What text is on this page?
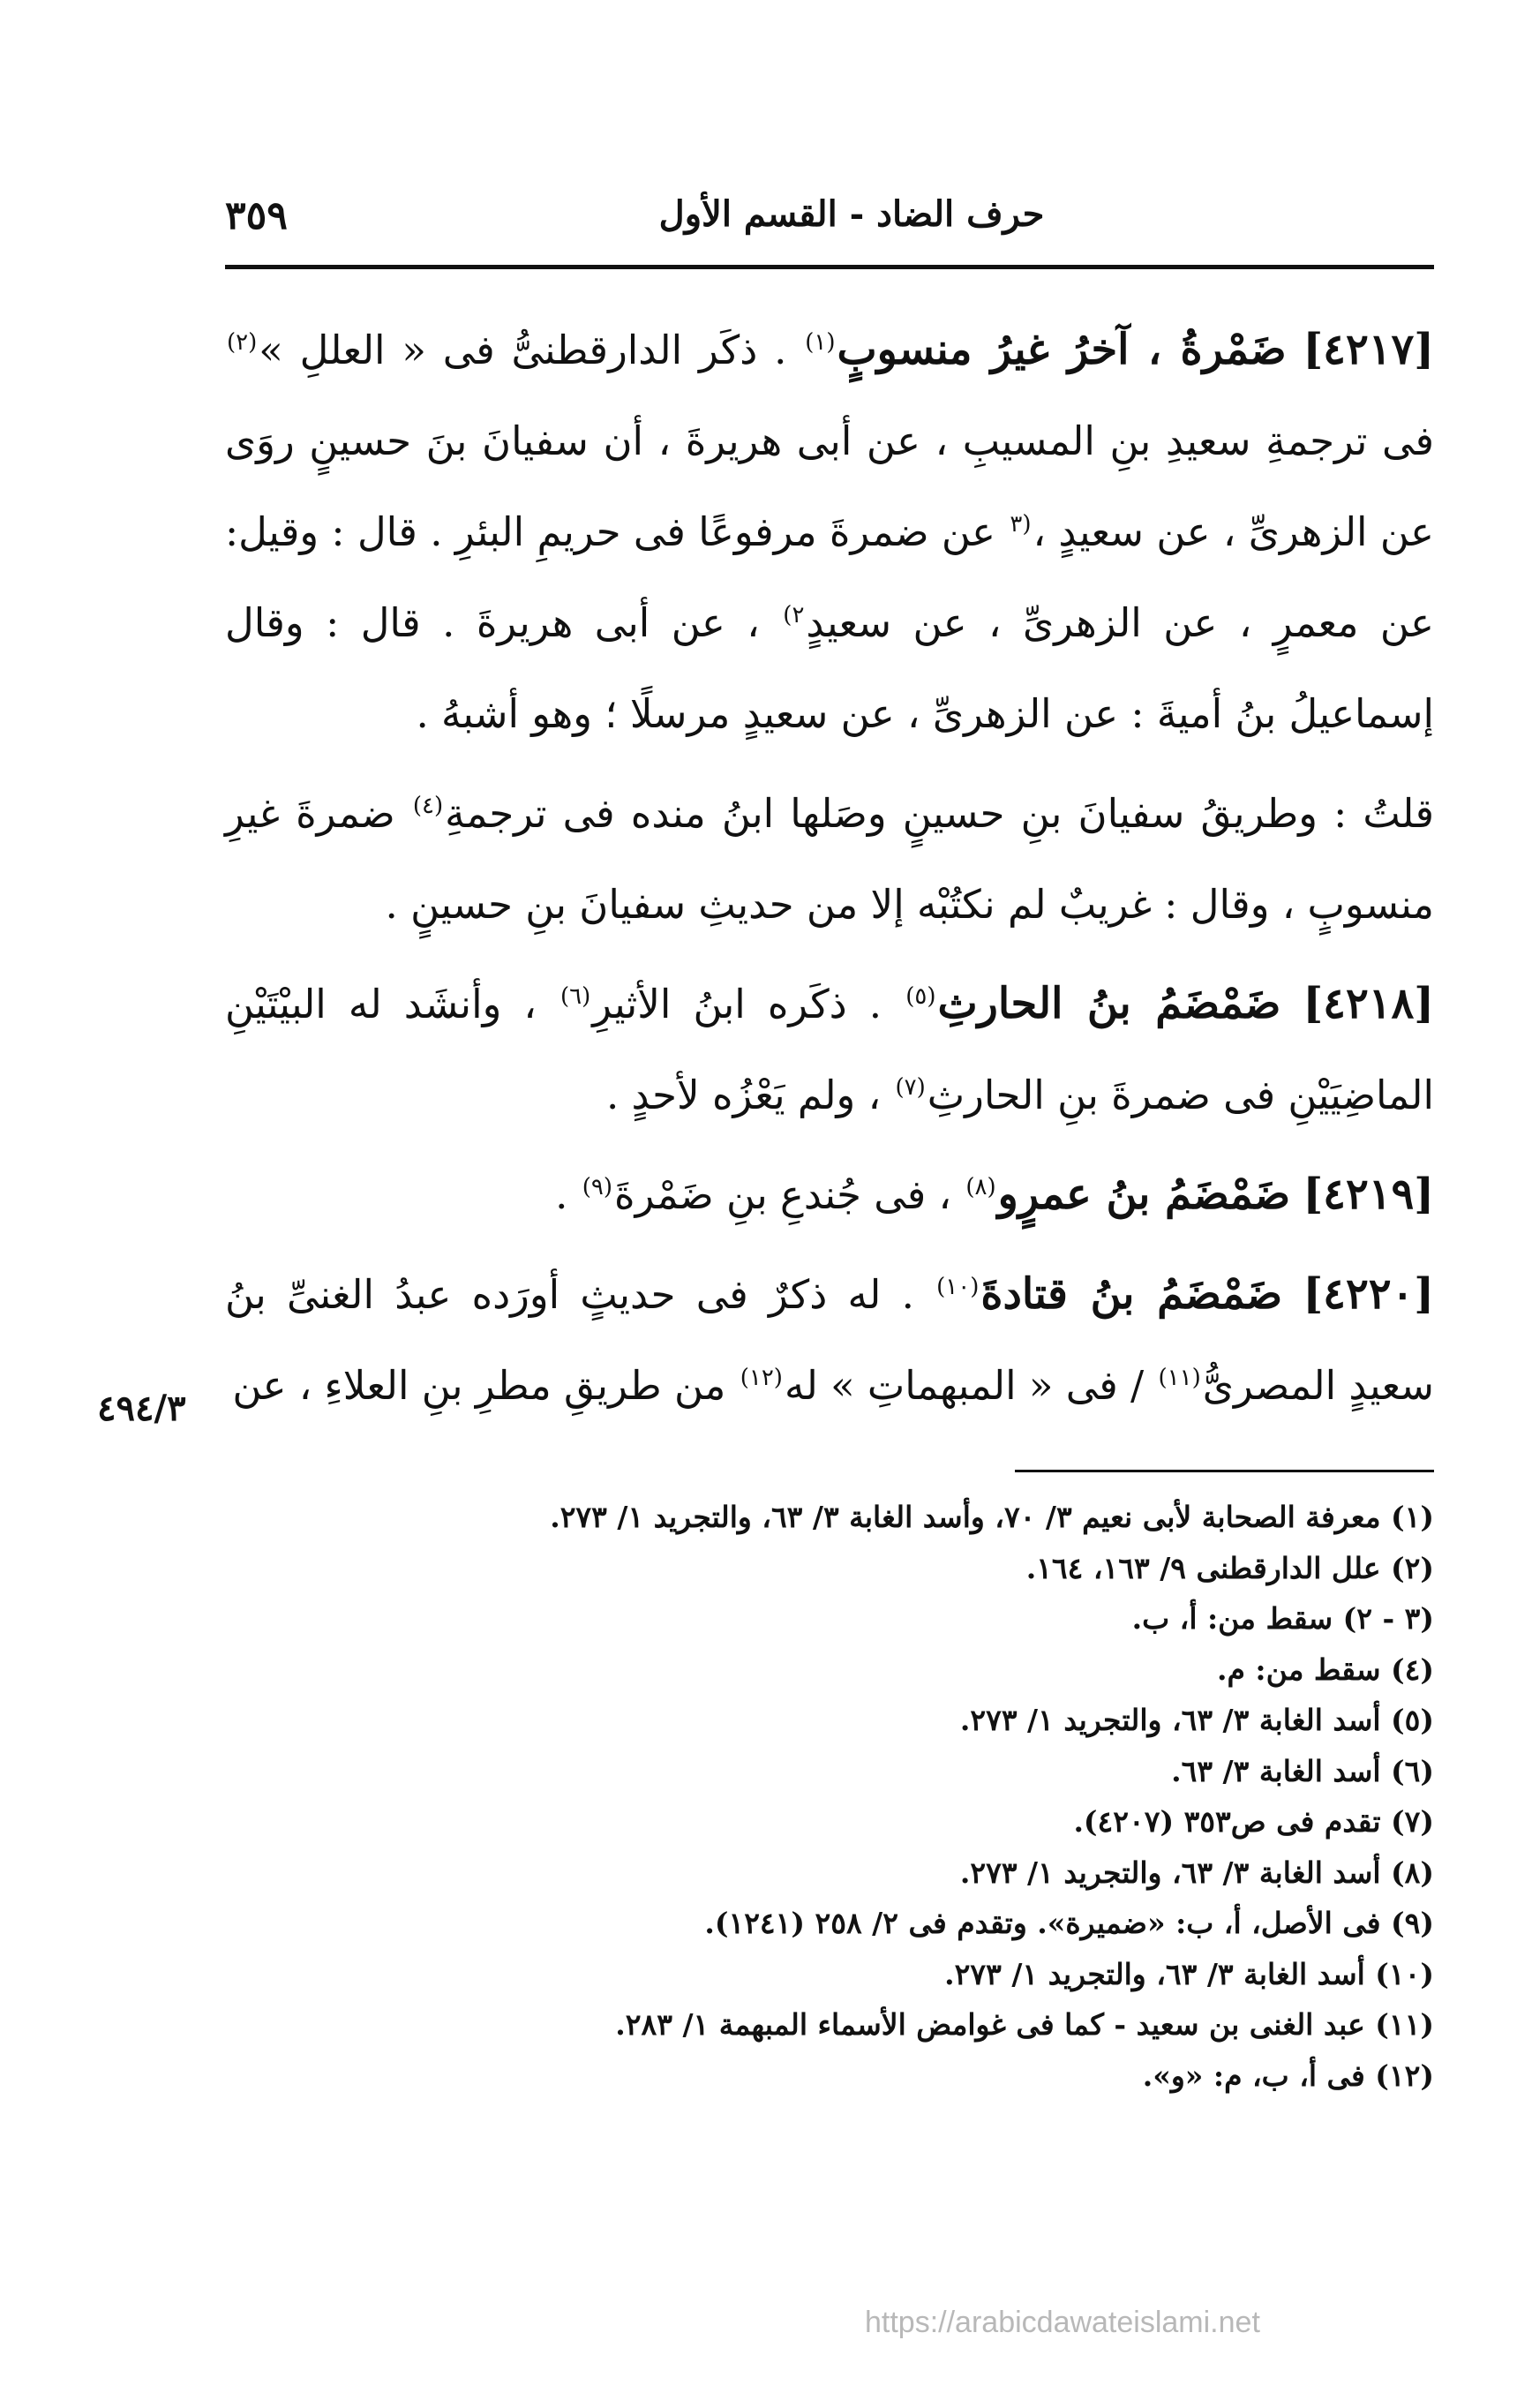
٣٥٩	حرف الضاد - القسم الأول

[٤٢١٧] ضَمْرةُ ، آخرُ غيرُ منسوبٍ$^{(١)}$ . ذكَر الدارقطنىُّ فى « العللِ »$^{(٢)}$ فى ترجمةِ سعيدِ بنِ المسيبِ ، عن أبى هريرةَ ، أن سفيانَ بنَ حسينٍ روَى عن الزهرىِّ ، عن سعيدٍ ،$^{(٣}$ عن ضمرةَ مرفوعًا فى حريمِ البئرِ . قال : وقيل: عن معمرٍ ، عن الزهرىِّ ، عن سعيدٍ$^{٢)}$ ، عن أبى هريرةَ . قال : وقال إسماعيلُ بنُ أميةَ : عن الزهرىِّ ، عن سعيدٍ مرسلًا ؛ وهو أشبهُ .

قلتُ : وطريقُ سفيانَ بنِ حسينٍ وصَلها ابنُ منده فى ترجمةِ$^{(٤)}$ ضمرةَ غيرِ منسوبٍ ، وقال : غريبٌ لم نكتُبْه إلا من حديثِ سفيانَ بنِ حسينٍ .

[٤٢١٨] ضَمْضَمُ بنُ الحارثِ$^{(٥)}$ . ذكَره ابنُ الأثيرِ$^{(٦)}$ ، وأنشَد له البيْتَيْنِ الماضِيَيْنِ فى ضمرةَ بنِ الحارثِ$^{(٧)}$ ، ولم يَعْزُه لأحدٍ .

[٤٢١٩] ضَمْضَمُ بنُ عمرٍو$^{(٨)}$ ، فى جُندعِ بنِ ضَمْرةَ$^{(٩)}$ .

[٤٢٢٠] ضَمْضَمُ بنُ قتادةَ$^{(١٠)}$ . له ذكرٌ فى حديثٍ أورَده عبدُ الغنىِّ بنُ سعيدٍ المصرىُّ$^{(١١)}$ / فى « المبهماتِ » له$^{(١٢)}$ من طريقِ مطرِ بنِ العلاءِ ، عن

٤٩٤/٣
(١) معرفة الصحابة لأبى نعيم ٣/ ٧٠، وأسد الغابة ٣/ ٦٣، والتجريد ١/ ٢٧٣.
(٢) علل الدارقطنى ٩/ ١٦٣، ١٦٤.
(٣ - ٢) سقط من: أ، ب.
(٤) سقط من: م.
(٥) أسد الغابة ٣/ ٦٣، والتجريد ١/ ٢٧٣.
(٦) أسد الغابة ٣/ ٦٣.
(٧) تقدم فى ص٣٥٣ (٤٢٠٧).
(٨) أسد الغابة ٣/ ٦٣، والتجريد ١/ ٢٧٣.
(٩) فى الأصل، أ، ب: «ضميرة». وتقدم فى ٢/ ٢٥٨ (١٢٤١).
(١٠) أسد الغابة ٣/ ٦٣، والتجريد ١/ ٢٧٣.
(١١) عبد الغنى بن سعيد - كما فى غوامض الأسماء المبهمة ١/ ٢٨٣.
(١٢) فى أ، ب، م: «و».
https://arabicdawateislami.net
